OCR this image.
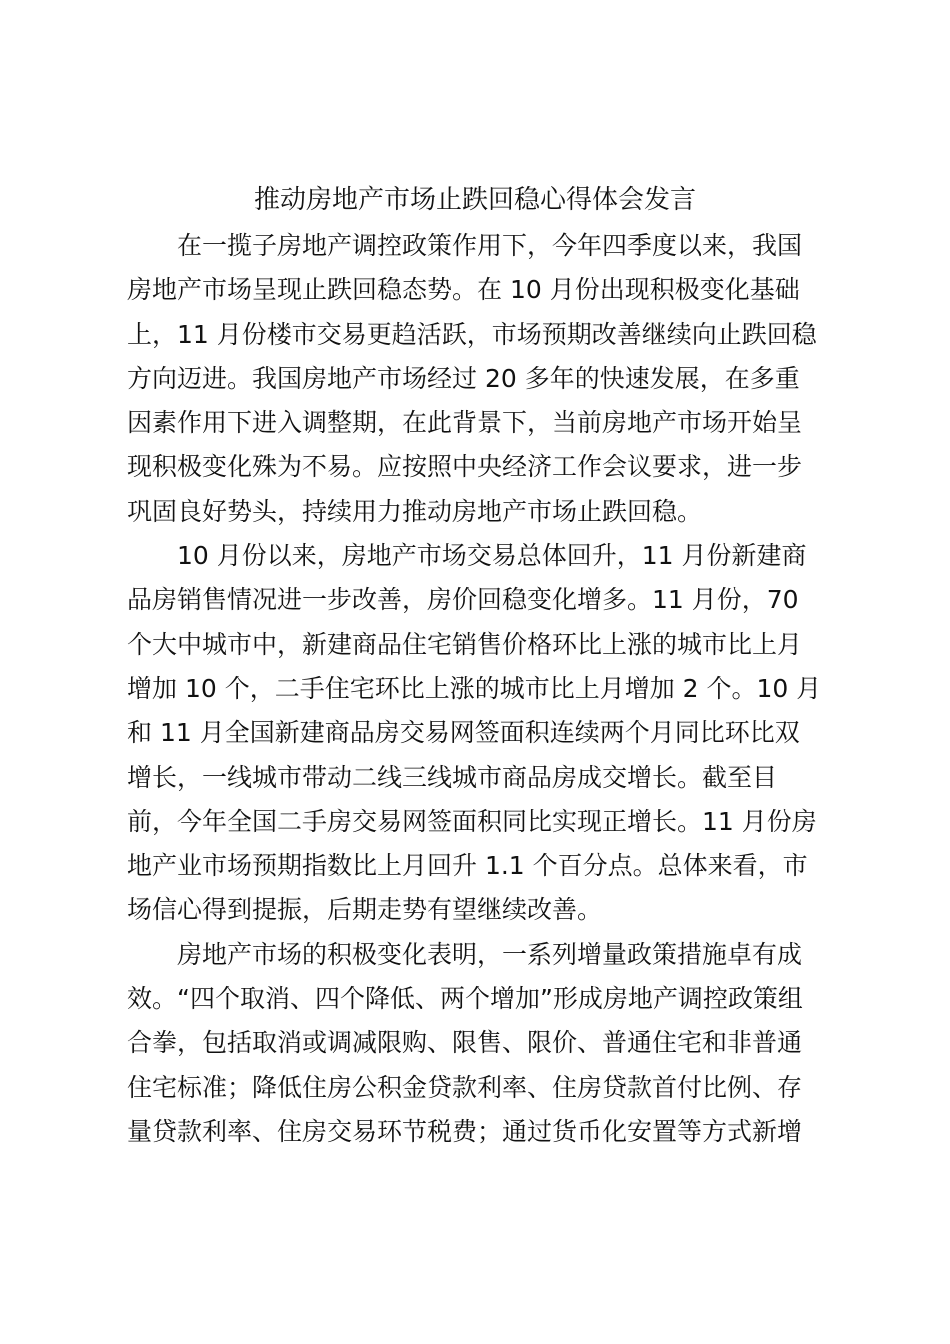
推动房地产市场止跌回稳心得体会发言
在一揽子房地产调控政策作用下，今年四季度以来，我国
房地产市场呈现止跌回稳态势。在 10 月份出现积极变化基础
上，11 月份楼市交易更趋活跃，市场预期改善继续向止跌回稳
方向迈进。我国房地产市场经过 20 多年的快速发展，在多重
因素作用下进入调整期，在此背景下，当前房地产市场开始呈
现积极变化殊为不易。应按照中央经济工作会议要求，进一步
巩固良好势头，持续用力推动房地产市场止跌回稳。
10 月份以来，房地产市场交易总体回升，11 月份新建商
品房销售情况进一步改善，房价回稳变化增多。11 月份，70
个大中城市中，新建商品住宅销售价格环比上涨的城市比上月
增加 10 个，二手住宅环比上涨的城市比上月增加 2 个。10 月
和 11 月全国新建商品房交易网签面积连续两个月同比环比双
增长，一线城市带动二线三线城市商品房成交增长。截至目
前，今年全国二手房交易网签面积同比实现正增长。11 月份房
地产业市场预期指数比上月回升 1.1 个百分点。总体来看，市
场信心得到提振，后期走势有望继续改善。
房地产市场的积极变化表明，一系列增量政策措施卓有成
效。“四个取消、四个降低、两个增加”形成房地产调控政策组
合拳，包括取消或调减限购、限售、限价、普通住宅和非普通
住宅标准；降低住房公积金贷款利率、住房贷款首付比例、存
量贷款利率、住房交易环节税费；通过货币化安置等方式新增
